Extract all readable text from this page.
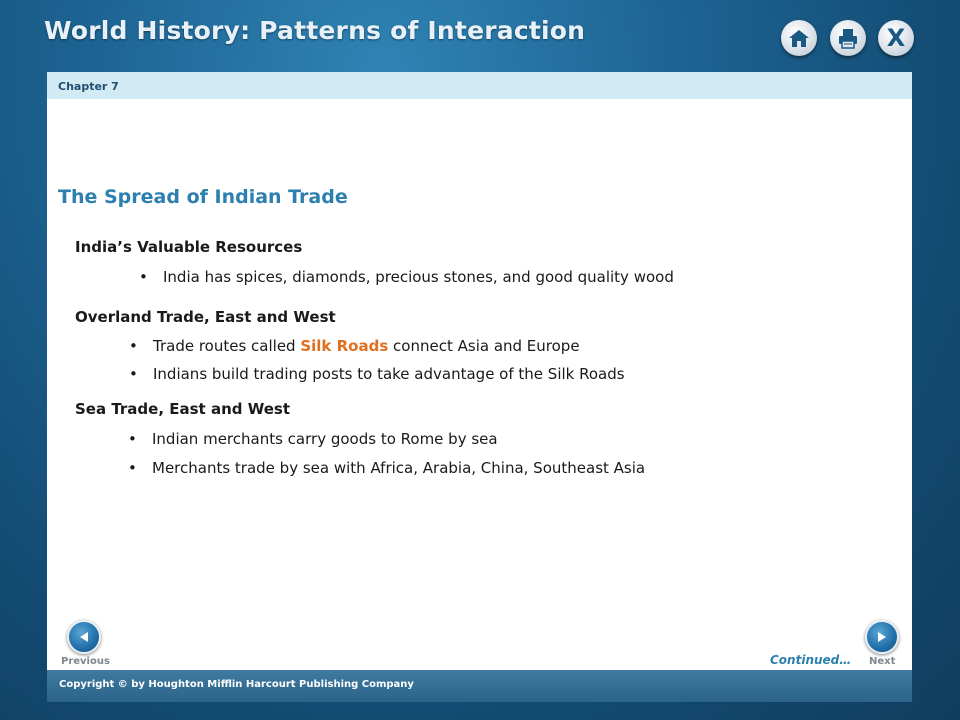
World History: Patterns of Interaction	X
Chapter 7
The Spread of Indian Trade
India’s Valuable Resources
• India has spices, diamonds, precious stones, and good quality wood
Overland Trade, East and West
• Trade routes called Silk Roads connect Asia and Europe
• Indians build trading posts to take advantage of the Silk Roads
Sea Trade, East and West
• Indian merchants carry goods to Rome by sea
• Merchants trade by sea with Africa, Arabia, China, Southeast Asia
Previous	Continued… Next
Copyright © by Houghton Mifflin Harcourt Publishing Company
